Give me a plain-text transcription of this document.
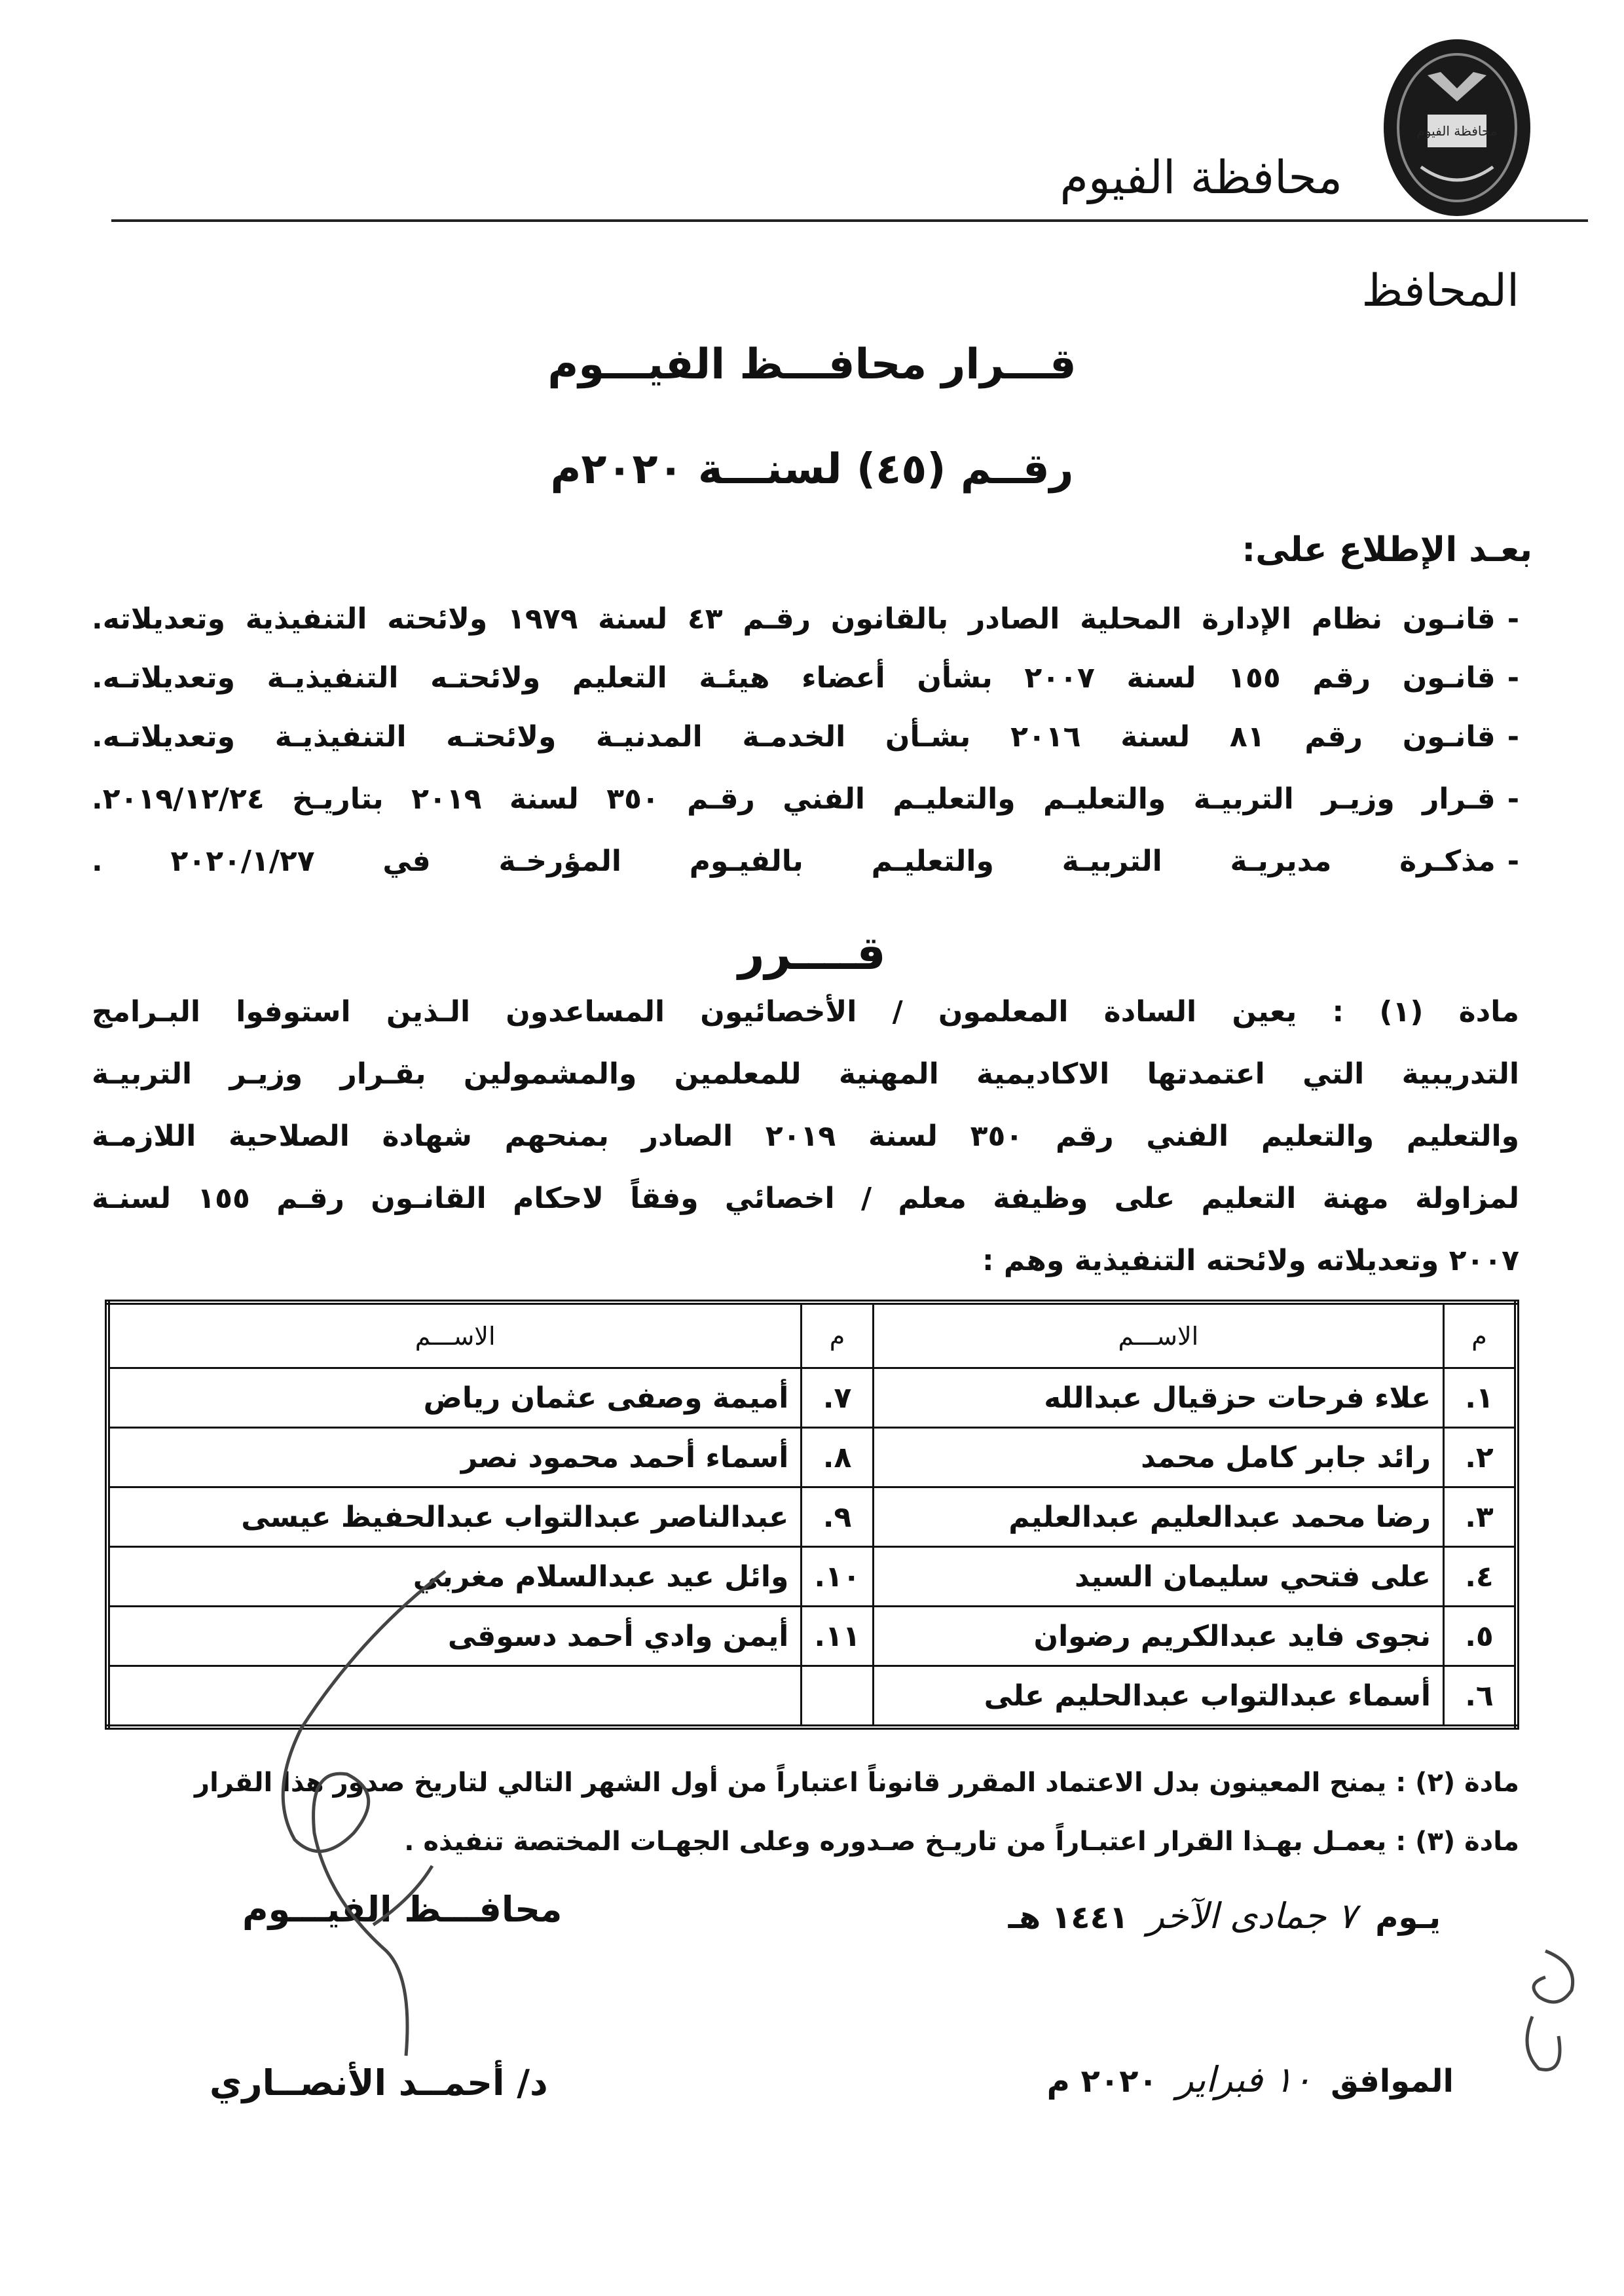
محافظة الفيوم
محافظة الفيوم
المحافظ
قـــرار محافـــظ الفيـــوم
رقــم (٤٥) لسنـــة ٢٠٢٠م
بعـد الإطلاع على:
- قانـون نظام الإدارة المحلية الصادر بالقانون رقـم ٤٣ لسنة ١٩٧٩ ولائحته التنفيذية وتعديلاته.
- قانـون رقم ١٥٥ لسنة ٢٠٠٧ بشأن أعضاء هيئـة التعليم ولائحتـه التنفيذيـة وتعديلاتـه.
- قانـون رقم ٨١ لسنة ٢٠١٦ بشـأن الخدمـة المدنيـة ولائحتـه التنفيذيـة وتعديلاتـه.
- قـرار وزيـر التربيـة والتعليـم والتعليـم الفني رقـم ٣٥٠ لسنة ٢٠١٩ بتاريـخ ٢٠١٩/١٢/٢٤.
- مذكـرة مديريـة التربيـة والتعليـم بالفيـوم المؤرخـة في ٢٠٢٠/١/٢٧ .
قــــرر
مادة (١) : يعين السادة المعلمون / الأخصائيون المساعدون الـذين استوفوا البـرامج
التدريبية التي اعتمدتها الاكاديمية المهنية للمعلمين والمشمولين بقـرار وزيـر التربيـة
والتعليم والتعليم الفني رقم ٣٥٠ لسنة ٢٠١٩ الصادر بمنحهم شهادة الصلاحية اللازمـة
لمزاولة مهنة التعليم على وظيفة معلم / اخصائي وفقاً لاحكام القانـون رقـم ١٥٥ لسنـة
٢٠٠٧ وتعديلاته ولائحته التنفيذية وهم :
م	الاســـم	م	الاســـم
١.	علاء فرحات حزقيال عبدالله	٧.	أميمة وصفى عثمان رياض
٢.	رائد جابر كامل محمد	٨.	أسماء أحمد محمود نصر
٣.	رضا محمد عبدالعليم عبدالعليم	٩.	عبدالناصر عبدالتواب عبدالحفيظ عيسى
٤.	على فتحي سليمان السيد	١٠.	وائل عيد عبدالسلام مغربي
٥.	نجوى فايد عبدالكريم رضوان	١١.	أيمن وادي أحمد دسوقى
٦.	أسماء عبدالتواب عبدالحليم على		
مادة (٢) : يمنح المعينون بدل الاعتماد المقرر قانوناً اعتباراً من أول الشهر التالي لتاريخ صدور هذا القرار
مادة (٣) : يعمـل بهـذا القرار اعتبـاراً من تاريـخ صـدوره وعلى الجهـات المختصة تنفيذه .
يـوم ٧ جمادى الآخر ١٤٤١ هـ
الموافق ١٠ فبراير ٢٠٢٠ م
محافـــظ الفيـــوم
د/ أحمــد الأنصــاري
